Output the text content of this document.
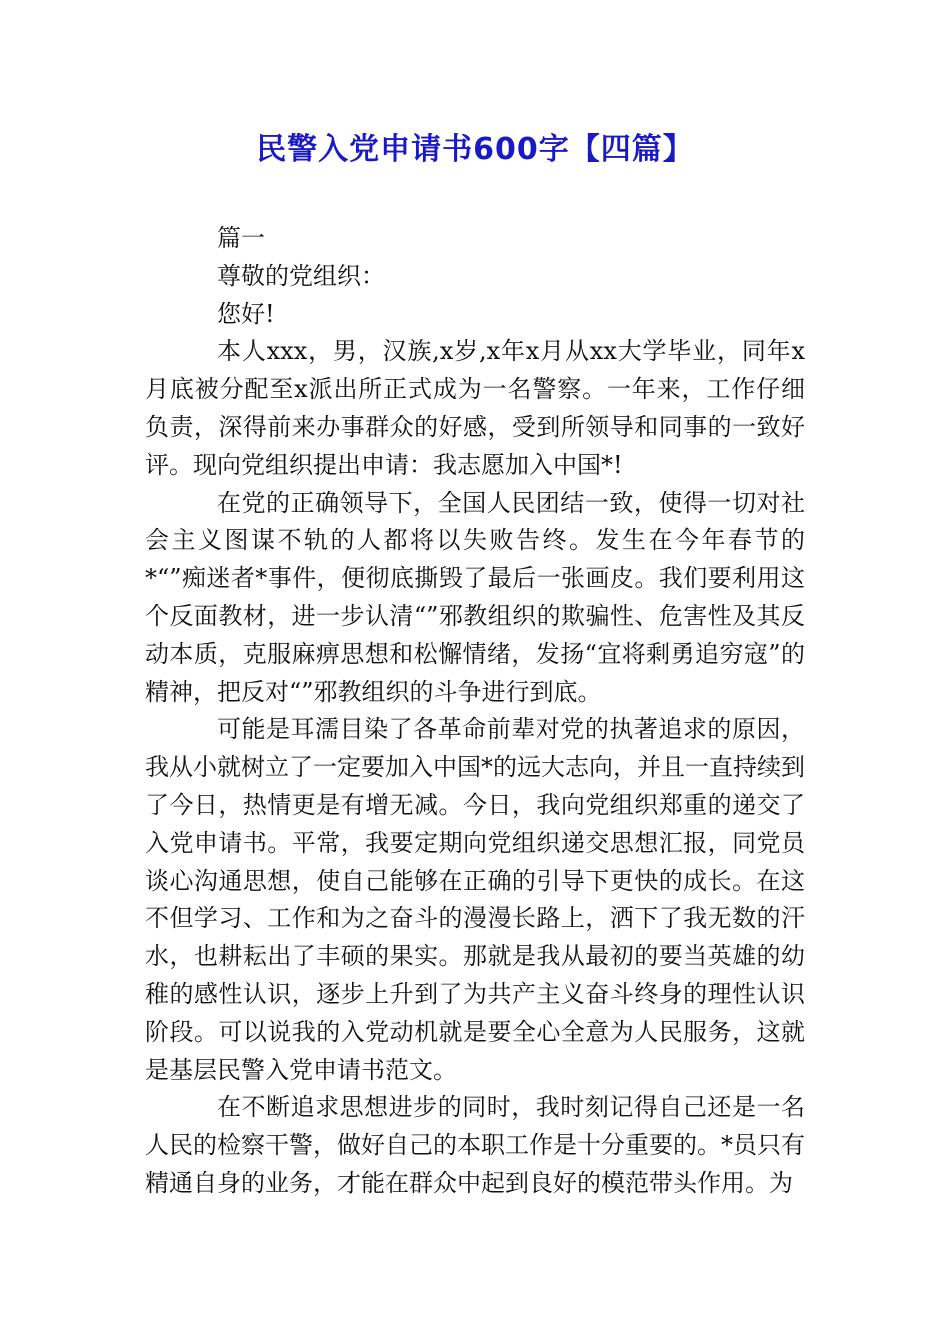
民警入党申请书600字【四篇】

篇一

尊敬的党组织：

您好!

本人xxx，男，汉族,x岁,x年x月从xx大学毕业，同年x月底被分配至x派出所正式成为一名警察。一年来，工作仔细负责，深得前来办事群众的好感，受到所领导和同事的一致好评。现向党组织提出申请：我志愿加入中国*!

在党的正确领导下，全国人民团结一致，使得一切对社会主义图谋不轨的人都将以失败告终。发生在今年春节的*“”痴迷者*事件，便彻底撕毁了最后一张画皮。我们要利用这个反面教材，进一步认清“”邪教组织的欺骗性、危害性及其反动本质，克服麻痹思想和松懈情绪，发扬“宜将剩勇追穷寇”的精神，把反对“”邪教组织的斗争进行到底。

可能是耳濡目染了各革命前辈对党的执著追求的原因，我从小就树立了一定要加入中国*的远大志向，并且一直持续到了今日，热情更是有增无减。今日，我向党组织郑重的递交了入党申请书。平常，我要定期向党组织递交思想汇报，同党员谈心沟通思想，使自己能够在正确的引导下更快的成长。在这不但学习、工作和为之奋斗的漫漫长路上，洒下了我无数的汗水，也耕耘出了丰硕的果实。那就是我从最初的要当英雄的幼稚的感性认识，逐步上升到了为共产主义奋斗终身的理性认识阶段。可以说我的入党动机就是要全心全意为人民服务，这就是基层民警入党申请书范文。

在不断追求思想进步的同时，我时刻记得自己还是一名人民的检察干警，做好自己的本职工作是十分重要的。*员只有精通自身的业务，才能在群众中起到良好的模范带头作用。为
